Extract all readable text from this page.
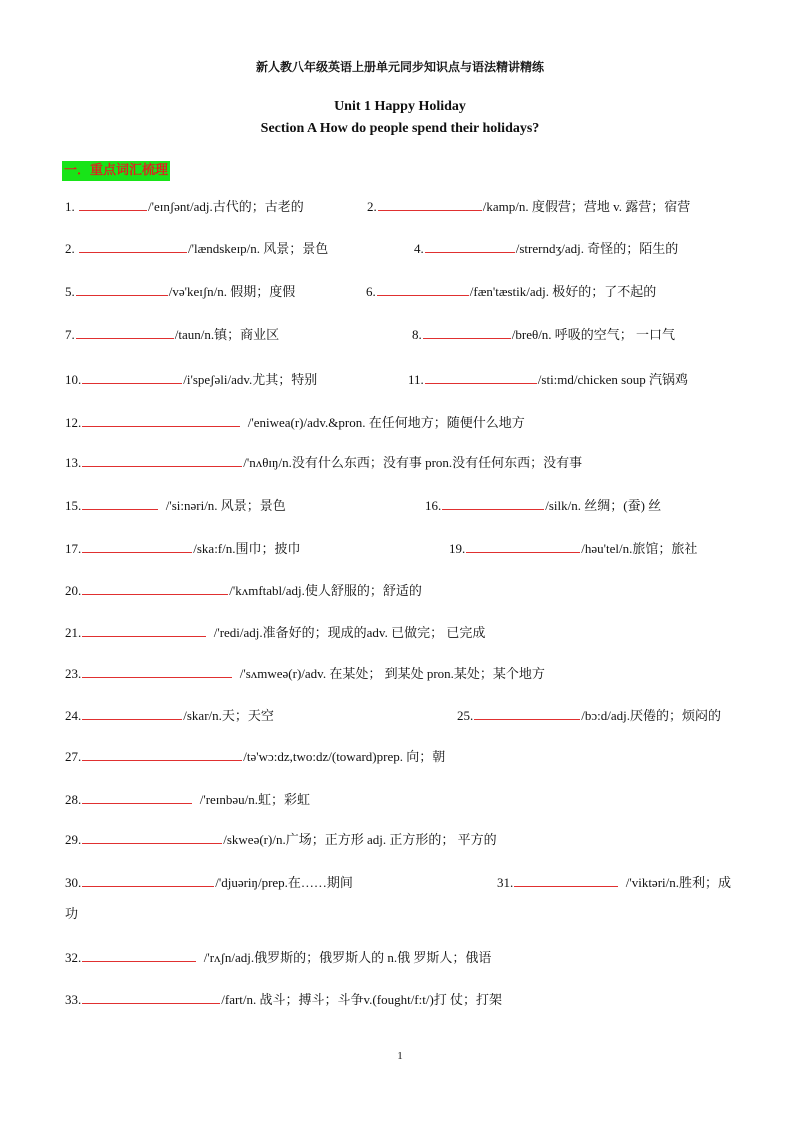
新人教八年级英语上册单元同步知识点与语法精讲精练
Unit 1 Happy Holiday
Section A How do people spend their holidays?
一．重点词汇梳理
1.	/'eɪnʃənt/adj.古代的；古老的	2.	/kamp/n. 度假营；营地 v. 露营；宿营
2.	/'lændskeɪp/n. 风景；景色	4.	/strerndʒ/adj. 奇怪的；陌生的
5.	/və'keɪʃn/n. 假期；度假	6.	/fæn'tæstik/adj. 极好的；了不起的
7.	/taun/n.镇；商业区	8.	/breθ/n. 呼吸的空气； 一口气
10.	/i'speʃəli/adv.尤其；特别	11.	/sti:md/chicken soup 汽锅鸡
12.	/'eniwea(r)/adv.&pron. 在任何地方；随便什么地方
13.	/'nʌθɪŋ/n.没有什么东西；没有事 pron.没有任何东西；没有事
15.	/'si:nəri/n. 风景；景色	16.	/silk/n. 丝绸；(蚕) 丝
17.	/ska:f/n.围巾；披巾	19.	/həu'tel/n.旅馆；旅社
20.	/'kʌmftabl/adj.使人舒服的；舒适的
21.	/'redi/adj.准备好的；现成的adv. 已做完； 已完成
23.	/'sʌmweə(r)/adv. 在某处； 到某处 pron.某处；某个地方
24.	/skar/n.天；天空	25.	/bɔ:d/adj.厌倦的；烦闷的
27.	/tə'wɔ:dz,two:dz/(toward)prep. 向；朝
28.	/'reɪnbəu/n.虹；彩虹
29.	/skweə(r)/n.广场；正方形 adj. 正方形的； 平方的
30.	/'djuəriŋ/prep.在……期间	31.	/'viktəri/n.胜利；成
功
32.	/'rʌʃn/adj.俄罗斯的；俄罗斯人的 n.俄 罗斯人；俄语
33.	/fart/n. 战斗；搏斗；斗争v.(fought/f:t/)打 仗；打架
1
